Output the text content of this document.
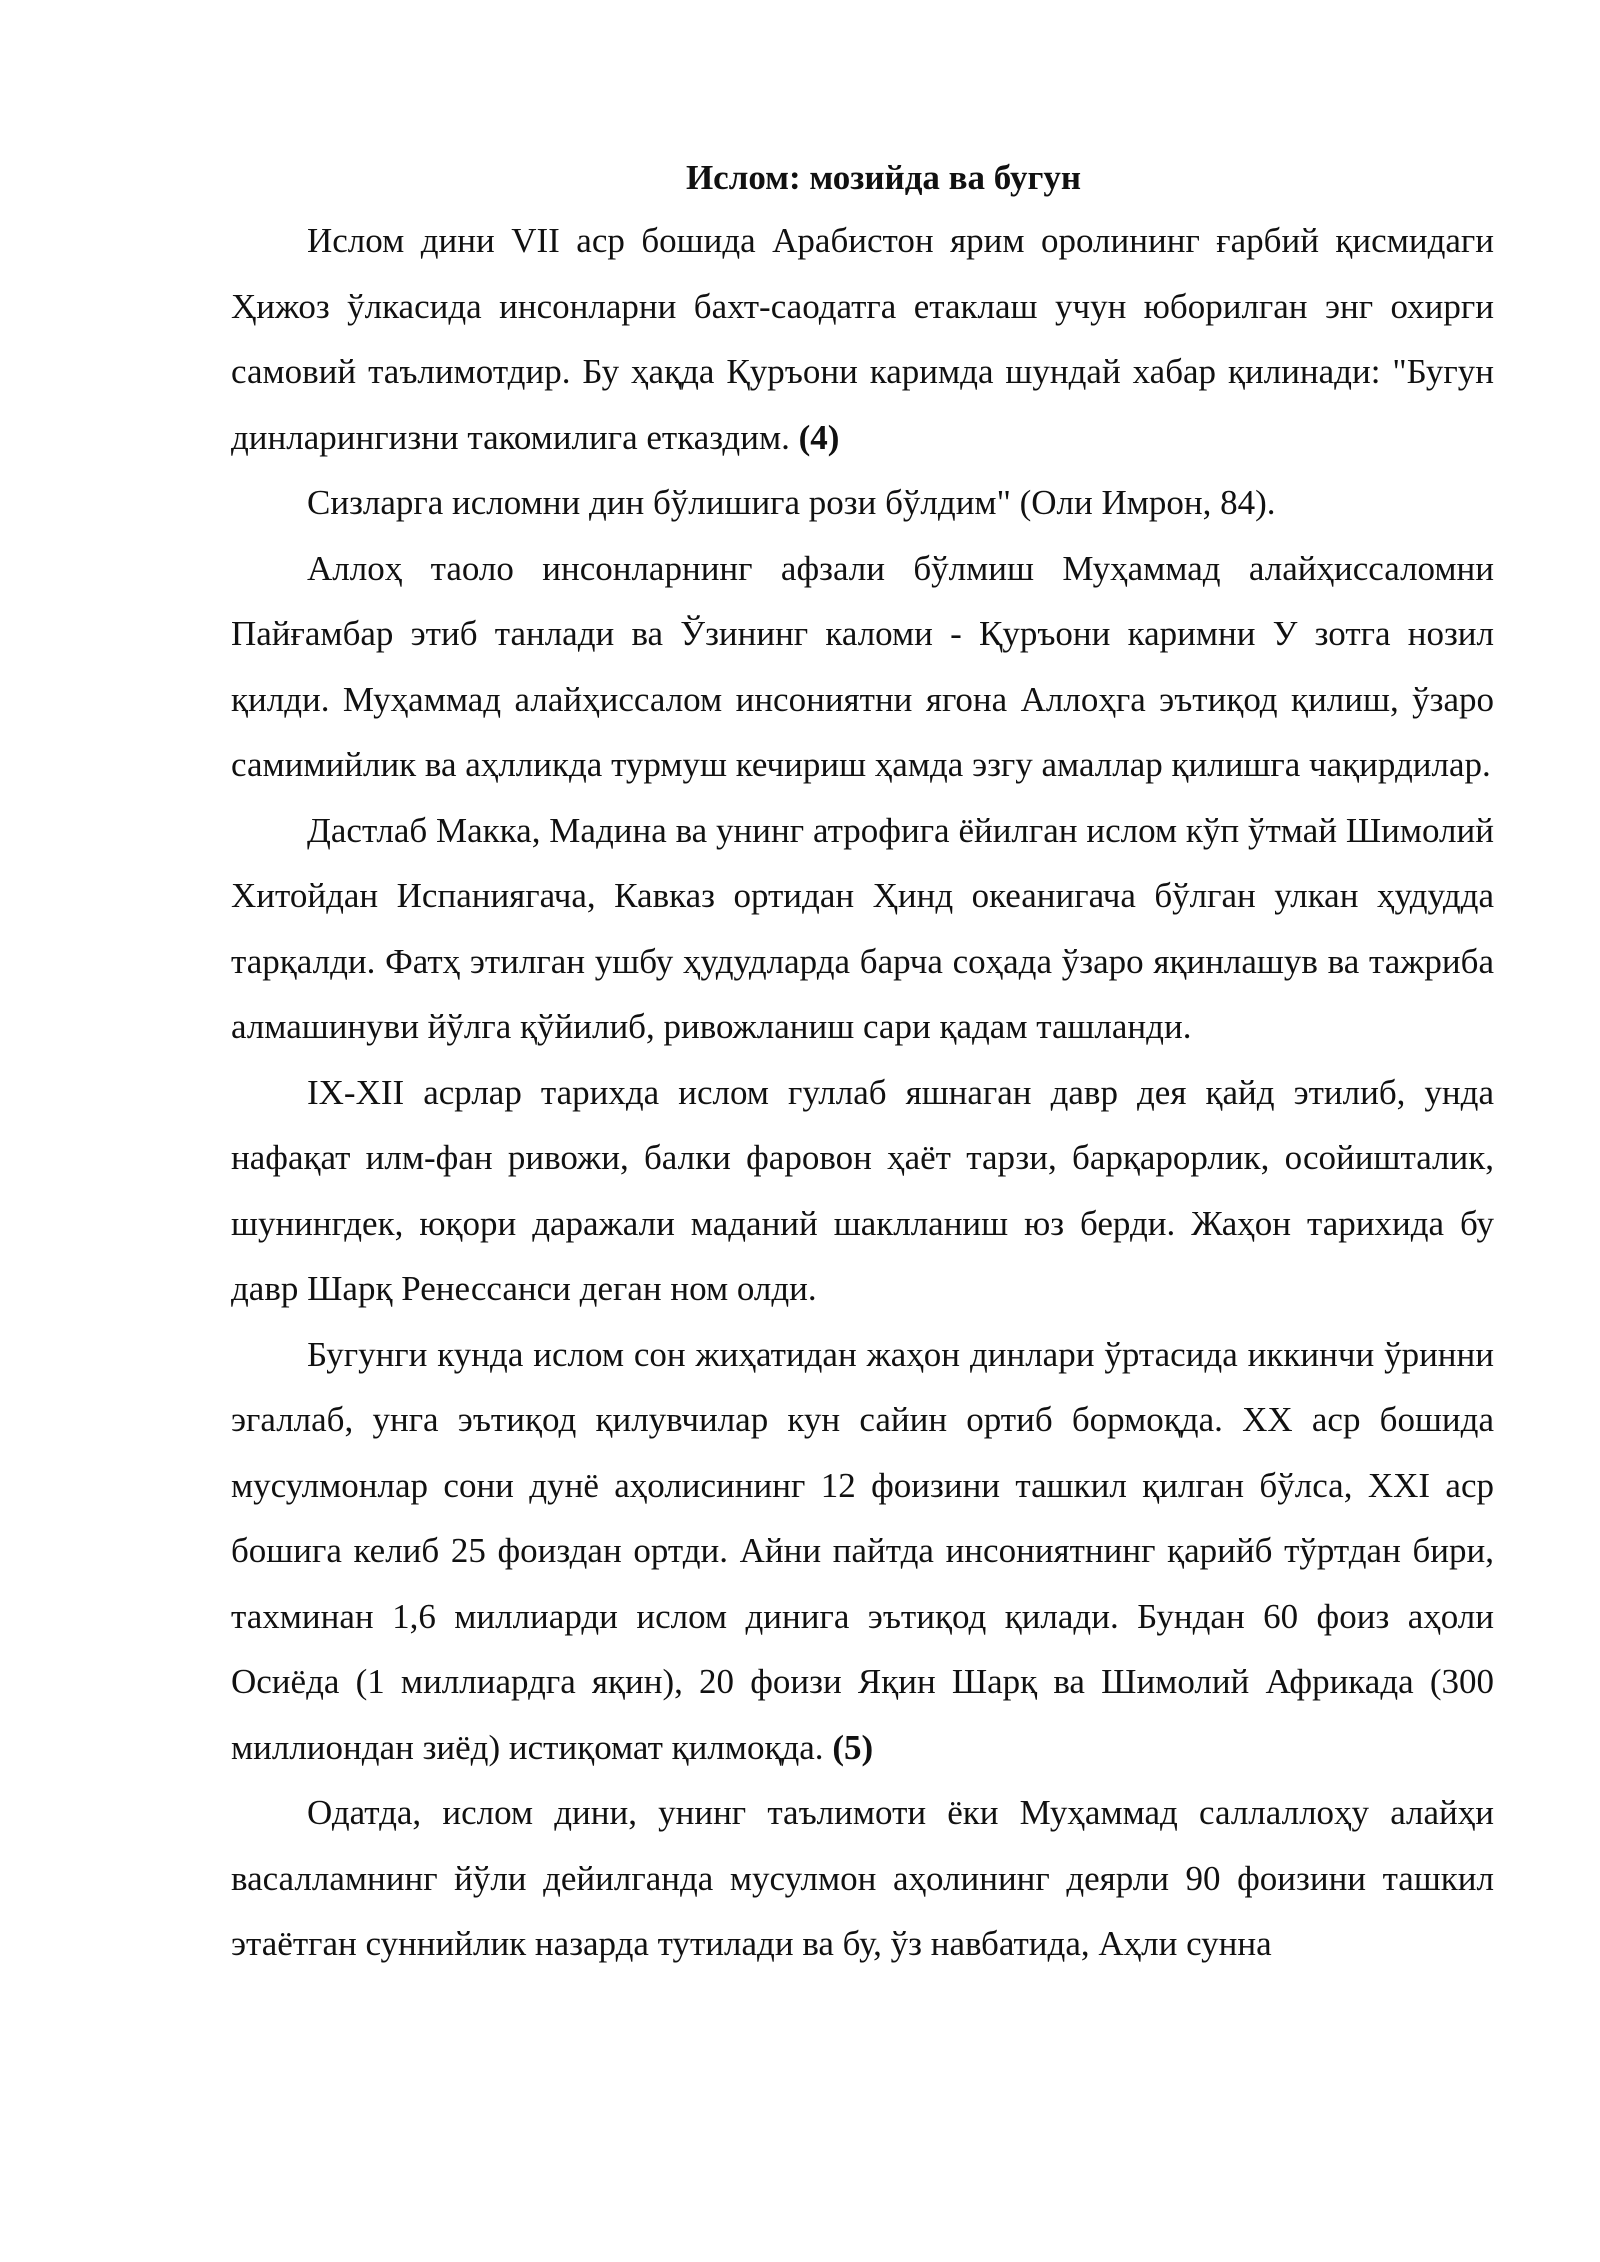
Ислом: мозийда ва бугун

Ислом дини VII аср бошида Арабистон ярим оролининг ғарбий қисмидаги Ҳижоз ўлкасида инсонларни бахт-саодатга етаклаш учун юборилган энг охирги самовий таълимотдир. Бу ҳақда Қуръони каримда шундай хабар қилинади: "Бугун динларингизни такомилига етказдим. (4)

Сизларга исломни дин бўлишига рози бўлдим" (Оли Имрон, 84).

Аллоҳ таоло инсонларнинг афзали бўлмиш Муҳаммад алайҳиссаломни Пайғамбар этиб танлади ва Ўзининг каломи - Қуръони каримни У зотга нозил қилди. Муҳаммад алайҳиссалом инсониятни ягона Аллоҳга эътиқод қилиш, ўзаро самимийлик ва аҳлликда турмуш кечириш ҳамда эзгу амаллар қилишга чақирдилар.

Дастлаб Макка, Мадина ва унинг атрофига ёйилган ислом кўп ўтмай Шимолий Хитойдан Испаниягача, Кавказ ортидан Ҳинд океанигача бўлган улкан ҳудудда тарқалди. Фатҳ этилган ушбу ҳудудларда барча соҳада ўзаро яқинлашув ва тажриба алмашинуви йўлга қўйилиб, ривожланиш сари қадам ташланди.

IX-XII асрлар тарихда ислом гуллаб яшнаган давр дея қайд этилиб, унда нафақат илм-фан ривожи, балки фаровон ҳаёт тарзи, барқарорлик, осойишталик, шунингдек, юқори даражали маданий шаклланиш юз берди. Жаҳон тарихида бу давр Шарқ Ренессанси деган ном олди.

Бугунги кунда ислом сон жиҳатидан жаҳон динлари ўртасида иккинчи ўринни эгаллаб, унга эътиқод қилувчилар кун сайин ортиб бормоқда. XX аср бошида мусулмонлар сони дунё аҳолисининг 12 фоизини ташкил қилган бўлса, XXI аср бошига келиб 25 фоиздан ортди. Айни пайтда инсониятнинг қарийб тўртдан бири, тахминан 1,6 миллиарди ислом динига эътиқод қилади. Бундан 60 фоиз аҳоли Осиёда (1 миллиардга яқин), 20 фоизи Яқин Шарқ ва Шимолий Африкада (300 миллиондан зиёд) истиқомат қилмоқда. (5)

Одатда, ислом дини, унинг таълимоти ёки Муҳаммад саллаллоҳу алайҳи васалламнинг йўли дейилганда мусулмон аҳолининг деярли 90 фоизини ташкил этаётган суннийлик назарда тутилади ва бу, ўз навбатида, Аҳли сунна
